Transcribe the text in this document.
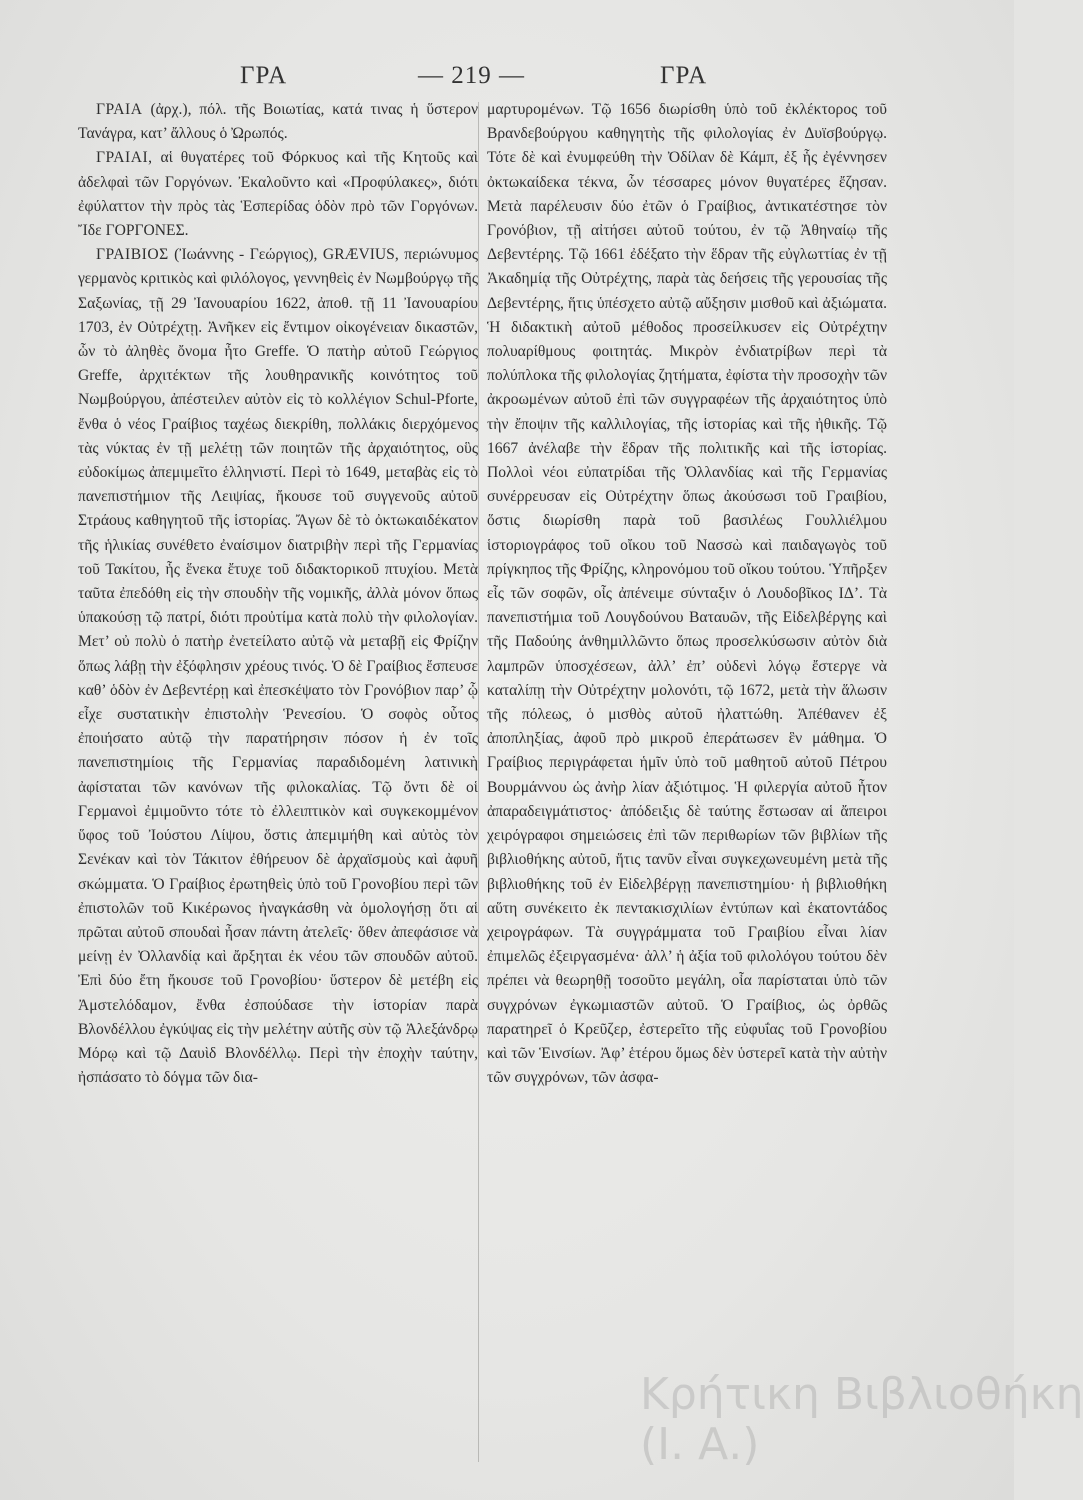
ΓΡΑ	— 219 —	ΓΡΑ

ΓΡΑΙΑ (ἀρχ.), πόλ. τῆς Βοιωτίας, κατά τινας ἡ ὕστερον Τανάγρα, κατ’ ἄλλους ὁ Ὠρωπός.

ΓΡΑΙΑΙ, αἱ θυγατέρες τοῦ Φόρκυος καὶ τῆς Κητοῦς καὶ ἀδελφαὶ τῶν Γοργόνων. Ἐκαλοῦντο καὶ «Προφύλακες», διότι ἐφύλαττον τὴν πρὸς τὰς Ἑσπερίδας ὁδὸν πρὸ τῶν Γοργόνων. Ἴδε ΓΟΡΓΟΝΕΣ.

ΓΡΑΙΒΙΟΣ (Ἰωάννης - Γεώργιος), GRÆVIUS, περιώνυμος γερμανὸς κριτικὸς καὶ φιλόλογος, γεννηθεὶς ἐν Νωμβούργῳ τῆς Σαξωνίας, τῇ 29 Ἰανουαρίου 1622, ἀποθ. τῇ 11 Ἰανουαρίου 1703, ἐν Οὐτρέχτῃ. Ἀνῆκεν εἰς ἔντιμον οἰκογένειαν δικαστῶν, ὧν τὸ ἀληθὲς ὄνομα ἦτο Greffe. Ὁ πατὴρ αὐτοῦ Γεώργιος Greffe, ἀρχιτέκτων τῆς λουθηρανικῆς κοινότητος τοῦ Νωμβούργου, ἀπέστειλεν αὐτὸν εἰς τὸ κολλέγιον Schul-Pforte, ἔνθα ὁ νέος Γραίβιος ταχέως διεκρίθη, πολλάκις διερχόμενος τὰς νύκτας ἐν τῇ μελέτῃ τῶν ποιητῶν τῆς ἀρχαιότητος, οὓς εὐδοκίμως ἀπεμιμεῖτο ἑλληνιστί. Περὶ τὸ 1649, μεταβὰς εἰς τὸ πανεπιστήμιον τῆς Λειψίας, ἤκουσε τοῦ συγγενοῦς αὐτοῦ Στράους καθηγητοῦ τῆς ἱστορίας. Ἄγων δὲ τὸ ὀκτωκαιδέκατον τῆς ἡλικίας συνέθετο ἐναίσιμον διατριβὴν περὶ τῆς Γερμανίας τοῦ Τακίτου, ἧς ἕνεκα ἔτυχε τοῦ διδακτορικοῦ πτυχίου. Μετὰ ταῦτα ἐπεδόθη εἰς τὴν σπουδὴν τῆς νομικῆς, ἀλλὰ μόνον ὅπως ὑπακούσῃ τῷ πατρί, διότι προὐτίμα κατὰ πολὺ τὴν φιλολογίαν. Μετ’ οὐ πολὺ ὁ πατὴρ ἐνετείλατο αὐτῷ νὰ μεταβῇ εἰς Φρίζην ὅπως λάβῃ τὴν ἐξόφλησιν χρέους τινός. Ὁ δὲ Γραίβιος ἔσπευσε καθ’ ὁδὸν ἐν Δεβεντέρῃ καὶ ἐπεσκέψατο τὸν Γρονόβιον παρ’ ᾧ εἶχε συστατικὴν ἐπιστολὴν Ῥενεσίου. Ὁ σοφὸς οὗτος ἐποιήσατο αὐτῷ τὴν παρατήρησιν πόσον ἡ ἐν τοῖς πανεπιστημίοις τῆς Γερμανίας παραδιδομένη λατινικὴ ἀφίσταται τῶν κανόνων τῆς φιλοκαλίας. Τῷ ὄντι δὲ οἱ Γερμανοὶ ἐμιμοῦντο τότε τὸ ἐλλειπτικὸν καὶ συγκεκομμένον ὕφος τοῦ Ἰούστου Λίψου, ὅστις ἀπεμιμήθη καὶ αὐτὸς τὸν Σενέκαν καὶ τὸν Τάκιτον ἐθήρευον δὲ ἀρχαϊσμοὺς καὶ ἀφυῆ σκώμματα. Ὁ Γραίβιος ἐρωτηθεὶς ὑπὸ τοῦ Γρονοβίου περὶ τῶν ἐπιστολῶν τοῦ Κικέρωνος ἠναγκάσθη νὰ ὁμολογήσῃ ὅτι αἱ πρῶται αὐτοῦ σπουδαὶ ἦσαν πάντη ἀτελεῖς· ὅθεν ἀπεφάσισε νὰ μείνῃ ἐν Ὀλλανδίᾳ καὶ ἄρξηται ἐκ νέου τῶν σπουδῶν αὐτοῦ. Ἐπὶ δύο ἔτη ἤκουσε τοῦ Γρονοβίου· ὕστερον δὲ μετέβη εἰς Ἀμστελόδαμον, ἔνθα ἐσπούδασε τὴν ἱστορίαν παρὰ Βλονδέλλου ἐγκύψας εἰς τὴν μελέτην αὐτῆς σὺν τῷ Ἀλεξάνδρῳ Μόρῳ καὶ τῷ Δαυὶδ Βλονδέλλῳ. Περὶ τὴν ἐποχὴν ταύτην, ἠσπάσατο τὸ δόγμα τῶν δια-

μαρτυρομένων. Τῷ 1656 διωρίσθη ὑπὸ τοῦ ἐκλέκτορος τοῦ Βρανδεβούργου καθηγητὴς τῆς φιλολογίας ἐν Δυϊσβούργῳ. Τότε δὲ καὶ ἐνυμφεύθη τὴν Ὀδίλαν δὲ Κάμπ, ἐξ ἧς ἐγέννησεν ὀκτωκαίδεκα τέκνα, ὧν τέσσαρες μόνον θυγατέρες ἔζησαν. Μετὰ παρέλευσιν δύο ἐτῶν ὁ Γραίβιος, ἀντικατέστησε τὸν Γρονόβιον, τῇ αἰτήσει αὐτοῦ τούτου, ἐν τῷ Ἀθηναίῳ τῆς Δεβεντέρης. Τῷ 1661 ἐδέξατο τὴν ἕδραν τῆς εὐγλωττίας ἐν τῇ Ἀκαδημίᾳ τῆς Οὐτρέχτης, παρὰ τὰς δεήσεις τῆς γερουσίας τῆς Δεβεντέρης, ἥτις ὑπέσχετο αὐτῷ αὔξησιν μισθοῦ καὶ ἀξιώματα. Ἡ διδακτικὴ αὐτοῦ μέθοδος προσείλκυσεν εἰς Οὐτρέχτην πολυαρίθμους φοιτητάς. Μικρὸν ἐνδιατρίβων περὶ τὰ πολύπλοκα τῆς φιλολογίας ζητήματα, ἐφίστα τὴν προσοχὴν τῶν ἀκροωμένων αὐτοῦ ἐπὶ τῶν συγγραφέων τῆς ἀρχαιότητος ὑπὸ τὴν ἔποψιν τῆς καλλιλογίας, τῆς ἱστορίας καὶ τῆς ἠθικῆς. Τῷ 1667 ἀνέλαβε τὴν ἕδραν τῆς πολιτικῆς καὶ τῆς ἱστορίας. Πολλοὶ νέοι εὐπατρίδαι τῆς Ὀλλανδίας καὶ τῆς Γερμανίας συνέρρευσαν εἰς Οὐτρέχτην ὅπως ἀκούσωσι τοῦ Γραιβίου, ὅστις διωρίσθη παρὰ τοῦ βασιλέως Γουλλιέλμου ἱστοριογράφος τοῦ οἴκου τοῦ Νασσὼ καὶ παιδαγωγὸς τοῦ πρίγκηπος τῆς Φρίζης, κληρονόμου τοῦ οἴκου τούτου. Ὑπῆρξεν εἷς τῶν σοφῶν, οἷς ἀπένειμε σύνταξιν ὁ Λουδοβῖκος ΙΔ’. Τὰ πανεπιστήμια τοῦ Λουγδούνου Βαταυῶν, τῆς Εἰδελβέργης καὶ τῆς Παδούης ἁνθημιλλῶντο ὅπως προσελκύσωσιν αὐτὸν διὰ λαμπρῶν ὑποσχέσεων, ἀλλ’ ἐπ’ οὐδενὶ λόγῳ ἔστεργε νὰ καταλίπῃ τὴν Οὐτρέχτην μολονότι, τῷ 1672, μετὰ τὴν ἅλωσιν τῆς πόλεως, ὁ μισθὸς αὐτοῦ ἠλαττώθη. Ἀπέθανεν ἐξ ἀποπληξίας, ἀφοῦ πρὸ μικροῦ ἐπεράτωσεν ἓν μάθημα. Ὁ Γραίβιος περιγράφεται ἡμῖν ὑπὸ τοῦ μαθητοῦ αὐτοῦ Πέτρου Βουρμάννου ὡς ἀνὴρ λίαν ἀξιότιμος. Ἡ φιλεργία αὐτοῦ ἦτον ἀπαραδειγμάτιστος· ἀπόδειξις δὲ ταύτης ἔστωσαν αἱ ἄπειροι χειρόγραφοι σημειώσεις ἐπὶ τῶν περιθωρίων τῶν βιβλίων τῆς βιβλιοθήκης αὐτοῦ, ἥτις τανῦν εἶναι συγκεχωνευμένη μετὰ τῆς βιβλιοθήκης τοῦ ἐν Εἰδελβέργῃ πανεπιστημίου· ἡ βιβλιοθήκη αὕτη συνέκειτο ἐκ πεντακισχιλίων ἐντύπων καὶ ἑκατοντάδος χειρογράφων. Τὰ συγγράμματα τοῦ Γραιβίου εἶναι λίαν ἐπιμελῶς ἐξειργασμένα· ἀλλ’ ἡ ἀξία τοῦ φιλολόγου τούτου δὲν πρέπει νὰ θεωρηθῇ τοσοῦτο μεγάλη, οἷα παρίσταται ὑπὸ τῶν συγχρόνων ἐγκωμιαστῶν αὐτοῦ. Ὁ Γραίβιος, ὡς ὀρθῶς παρατηρεῖ ὁ Κρεῦζερ, ἐστερεῖτο τῆς εὐφυΐας τοῦ Γρονοβίου καὶ τῶν Ἑινσίων. Ἀφ’ ἑτέρου ὅμως δὲν ὑστερεῖ κατὰ τὴν αὐτὴν τῶν συγχρόνων, τῶν ἀσφα-

Κρήτικη Βιβλιοθήκη
(Ι. Α.)
